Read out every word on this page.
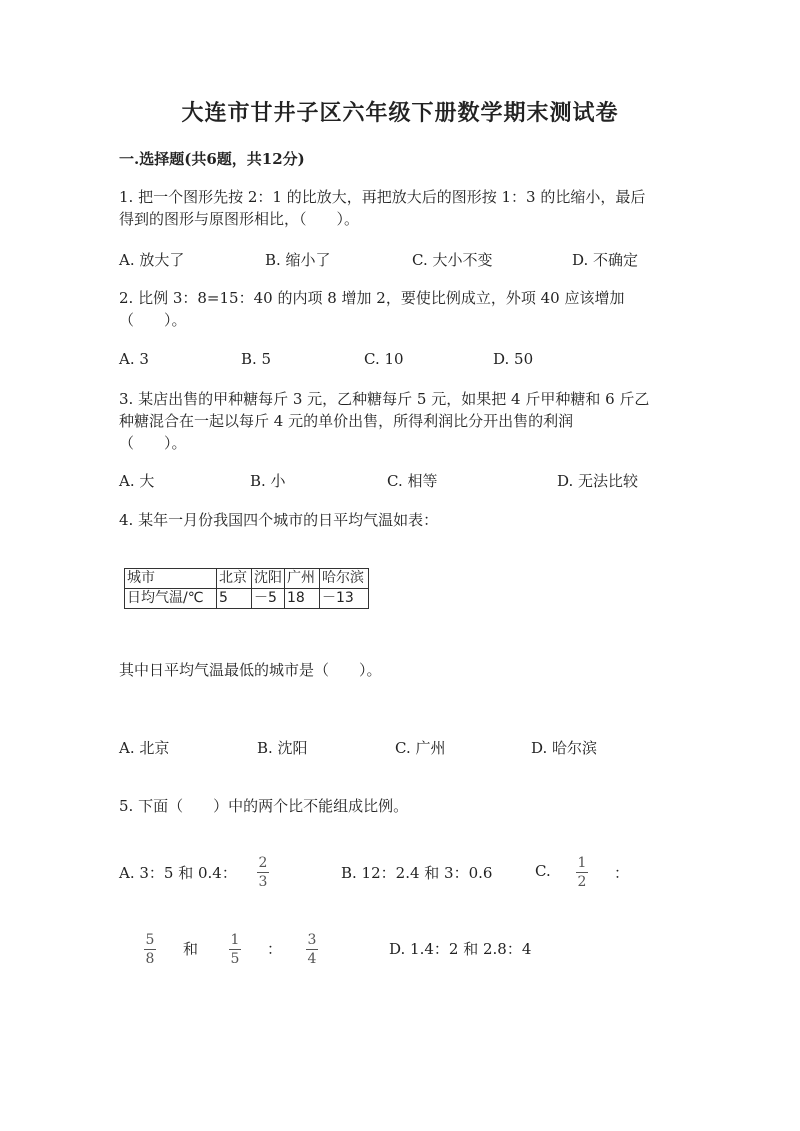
大连市甘井子区六年级下册数学期末测试卷
一.选择题(共6题，共12分)
1. 把一个图形先按 2：1 的比放大，再把放大后的图形按 1：3 的比缩小，最后
得到的图形与原图形相比，（　　）。
A. 放大了	B. 缩小了	C. 大小不变	D. 不确定
2. 比例 3：8=15：40 的内项 8 增加 2，要使比例成立，外项 40 应该增加
（　　）。
A. 3	B. 5	C. 10	D. 50
3. 某店出售的甲种糖每斤 3 元，乙种糖每斤 5 元，如果把 4 斤甲种糖和 6 斤乙
种糖混合在一起以每斤 4 元的单价出售，所得利润比分开出售的利润
（　　）。
A. 大	B. 小	C. 相等	D. 无法比较
4. 某年一月份我国四个城市的日平均气温如表：
城市	北京	沈阳	广州	哈尔滨
日均气温/℃	5	－5	18	－13
其中日平均气温最低的城市是（　　）。
A. 北京	B. 沈阳	C. 广州	D. 哈尔滨
5. 下面（　　）中的两个比不能组成比例。
A. 3：5 和 0.4：
2
3	B. 12：2.4 和 3：0.6	C. 1
2 ：
5
8
和 1
5
： 3
4
D. 1.4：2 和 2.8：4
